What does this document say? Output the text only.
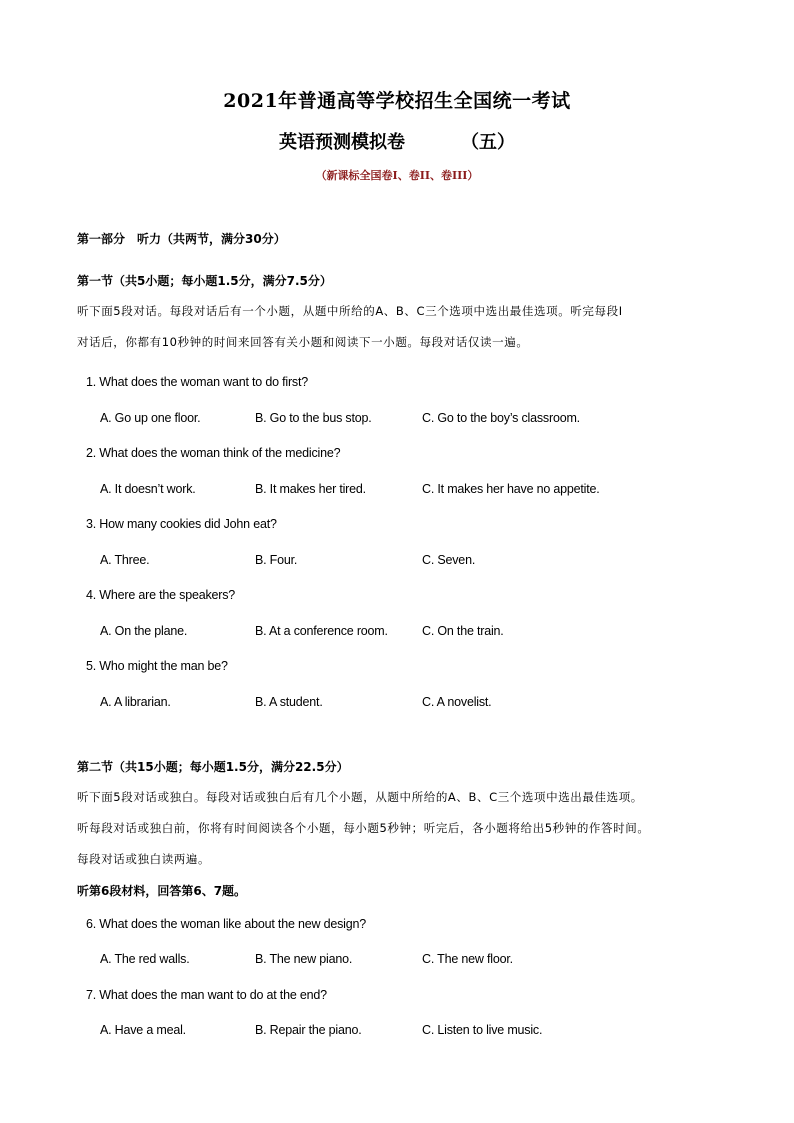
2021年普通高等学校招生全国统一考试
英语预测模拟卷	（五）
（新课标全国卷I、卷II、卷III）
第一部分　听力（共两节，满分30分）
第一节（共5小题；每小题1.5分，满分7.5分）
听下面5段对话。每段对话后有一个小题，从题中所给的A、B、C三个选项中选出最佳选项。听完每段I
对话后，你都有10秒钟的时间来回答有关小题和阅读下一小题。每段对话仅读一遍。
1. What does the woman want to do first?
A. Go up one floor.	B. Go to the bus stop.	C. Go to the boy’s classroom.
2. What does the woman think of the medicine?
A. It doesn’t work.	B. It makes her tired.	C. It makes her have no appetite.
3. How many cookies did John eat?
A. Three.	B. Four.	C. Seven.
4. Where are the speakers?
A. On the plane.	B. At a conference room.	C. On the train.
5. Who might the man be?
A. A librarian.	B. A student.	C. A novelist.
第二节（共15小题；每小题1.5分，满分22.5分）
听下面5段对话或独白。每段对话或独白后有几个小题，从题中所给的A、B、C三个选项中选出最佳选项。
听每段对话或独白前，你将有时间阅读各个小题，每小题5秒钟；听完后，各小题将给出5秒钟的作答时间。
每段对话或独白读两遍。
听第6段材料，回答第6、7题。
6. What does the woman like about the new design?
A. The red walls.	B. The new piano.	C. The new floor.
7. What does the man want to do at the end?
A. Have a meal.	B. Repair the piano.	C. Listen to live music.
